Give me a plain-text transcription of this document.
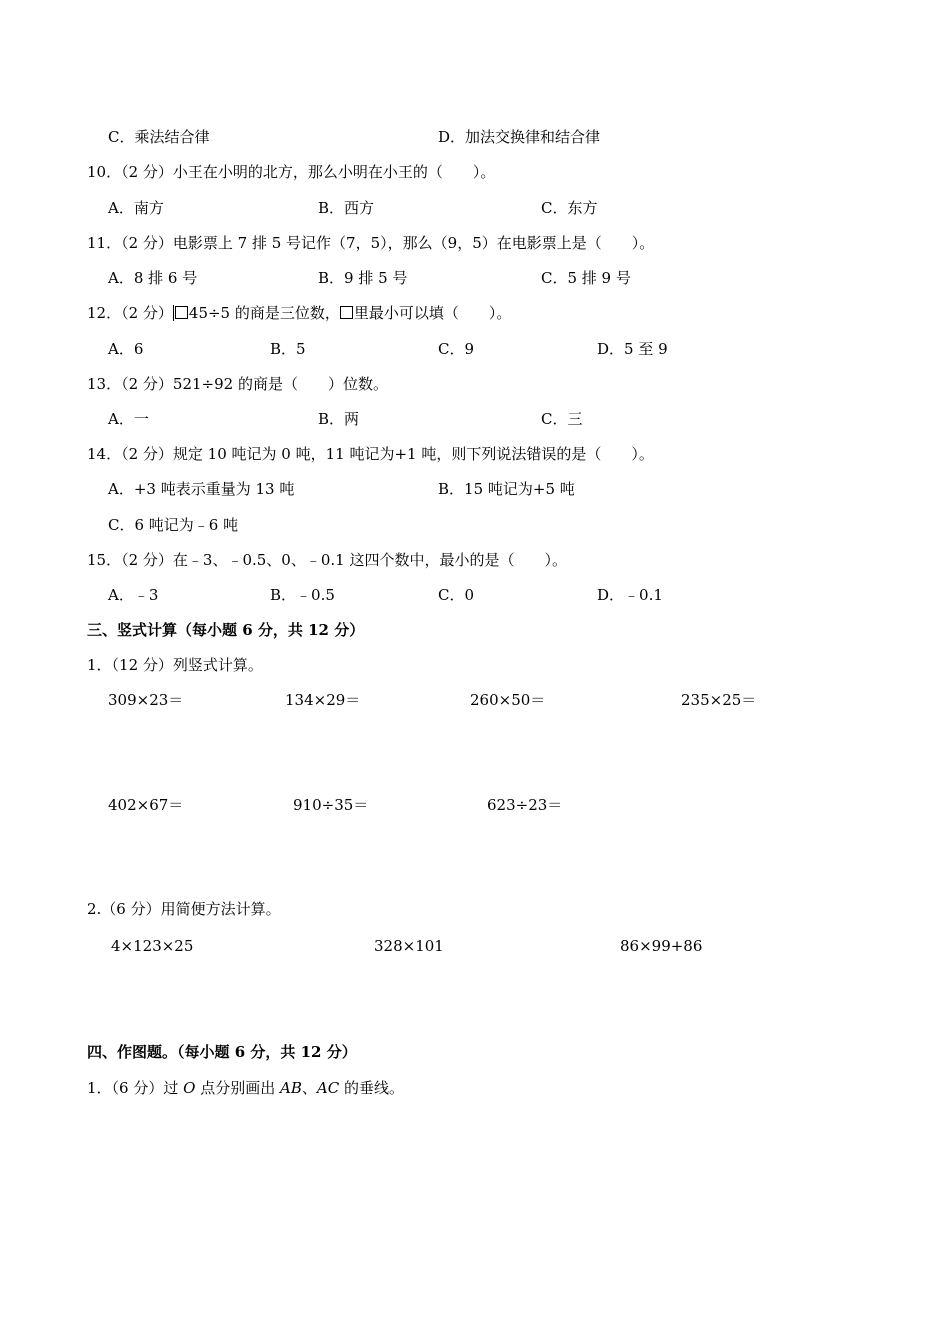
C．乘法结合律	D．加法交换律和结合律
10．（2 分）小王在小明的北方，那么小明在小王的（　　）。
A．南方	B．西方	C．东方
11．（2 分）电影票上 7 排 5 号记作（7，5），那么（9，5）在电影票上是（　　）。
A．8 排 6 号	B．9 排 5 号	C．5 排 9 号
12．（2 分） 45÷5 的商是三位数， 里最小可以填（　　）。
A．6	B．5	C．9	D．5 至 9
13．（2 分）521÷92 的商是（　　）位数。
A．一	B．两	C．三
14．（2 分）规定 10 吨记为 0 吨，11 吨记为+1 吨，则下列说法错误的是（　　）。
A．+3 吨表示重量为 13 吨	B．15 吨记为+5 吨
C．6 吨记为﹣6 吨
15．（2 分）在﹣3、﹣0.5、0、﹣0.1 这四个数中，最小的是（　　）。
A．﹣3	B．﹣0.5	C．0	D．﹣0.1
三、竖式计算（每小题 6 分，共 12 分）
1．（12 分）列竖式计算。
309×23＝	134×29＝	260×50＝	235×25＝
402×67＝	910÷35＝	623÷23＝
2.（6 分）用简便方法计算。
4×123×25	328×101	86×99+86
四、作图题。（每小题 6 分，共 12 分）
1．（6 分）过 O 点分别画出 AB、AC 的垂线。
